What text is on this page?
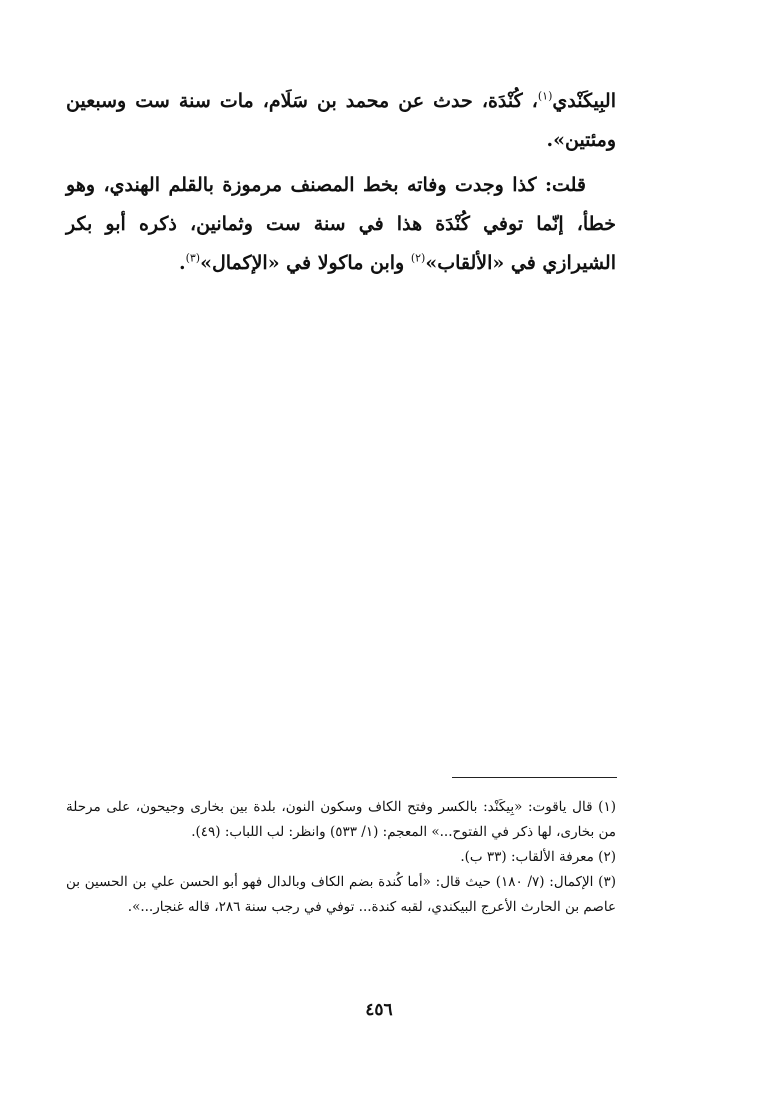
البِيكَنْدي$^{(١)}$، كُنْدَة، حدث عن محمد بن سَلَام، مات سنة ست وسبعين ومئتين».

قلت: كذا وجدت وفاته بخط المصنف مرموزة بالقلم الهندي، وهو خطأ، إنّما توفي كُنْدَة هذا في سنة ست وثمانين، ذكره أبو بكر الشيرازي في «الألقاب»$^{(٢)}$ وابن ماكولا في «الإكمال»$^{(٣)}$.

(١) قال ياقوت: «بِيكَنْد: بالكسر وفتح الكاف وسكون النون، بلدة بين بخارى وجيحون، على مرحلة من بخارى، لها ذكر في الفتوح...» المعجم: (١/ ٥٣٣) وانظر: لب اللباب: (٤٩).

(٢) معرفة الألقاب: (٣٣ ب).

(٣) الإكمال: (٧/ ١٨٠) حيث قال: «أما كُندة بضم الكاف وبالدال فهو أبو الحسن علي بن الحسين بن عاصم بن الحارث الأعرج البيكندي، لقبه كندة... توفي في رجب سنة ٢٨٦، قاله غنجار...».

٤٥٦
